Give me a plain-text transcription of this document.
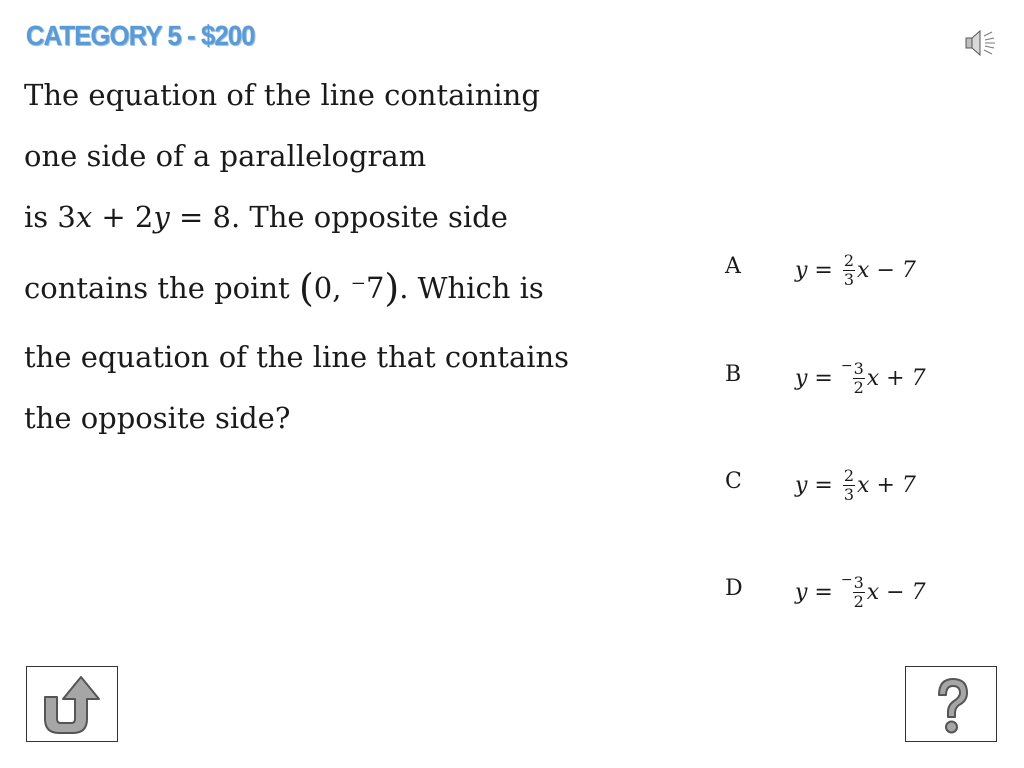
CATEGORY 5 - $200
The equation of the line containing
one side of a parallelogram
is 3x + 2y = 8. The opposite side
contains the point (0, ⁻7). Which is
the equation of the line that contains
the opposite side?
A $y = \frac{2}{3}$ x − 7
B y = − $\frac{3}{2}$ x + 7
C $y = \frac{2}{3}$ x + 7
D y = − $\frac{3}{2}$ x − 7
